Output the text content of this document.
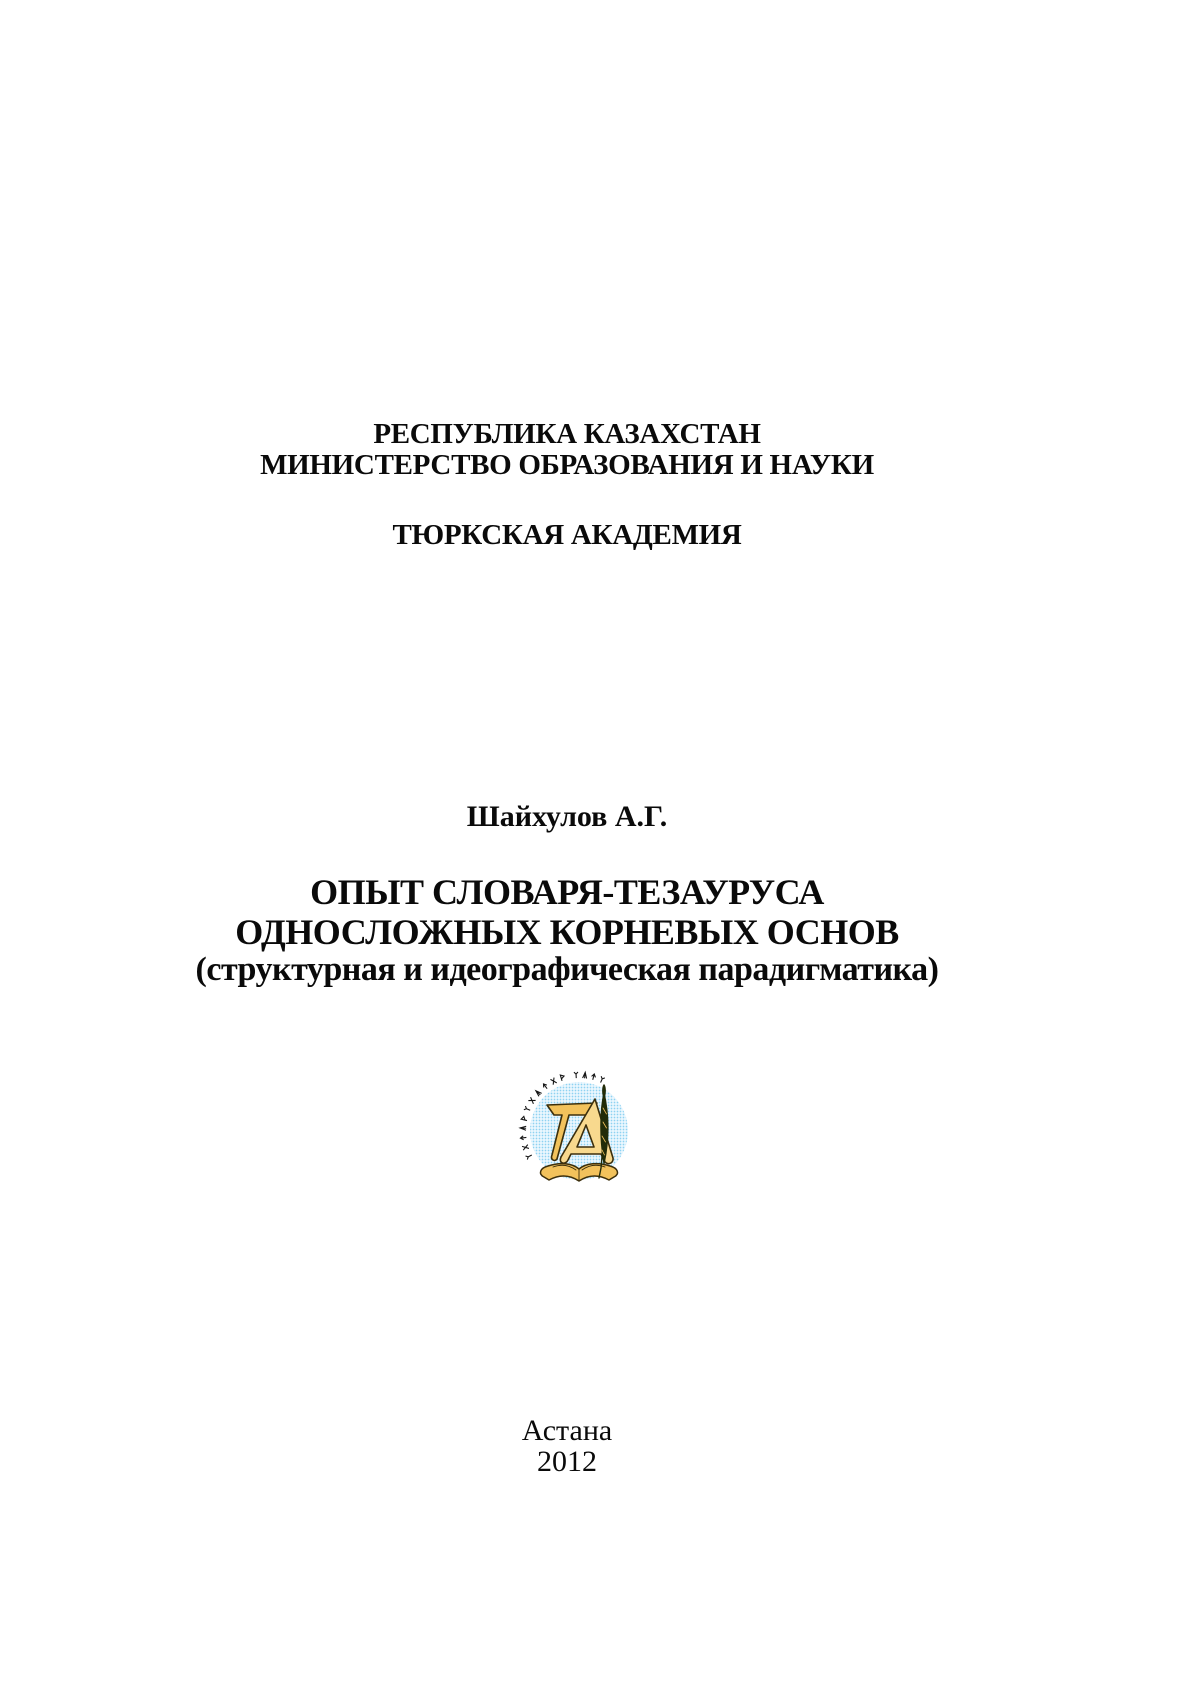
РЕСПУБЛИКА КАЗАХСТАН
МИНИСТЕРСТВО ОБРАЗОВАНИЯ И НАУКИ
ТЮРКСКАЯ АКАДЕМИЯ
Шайхулов А.Г.
ОПЫТ СЛОВАРЯ-ТЕЗАУРУСА
ОДНОСЛОЖНЫХ КОРНЕВЫХ ОСНОВ
(структурная и идеографическая парадигматика)
Астана
2012
